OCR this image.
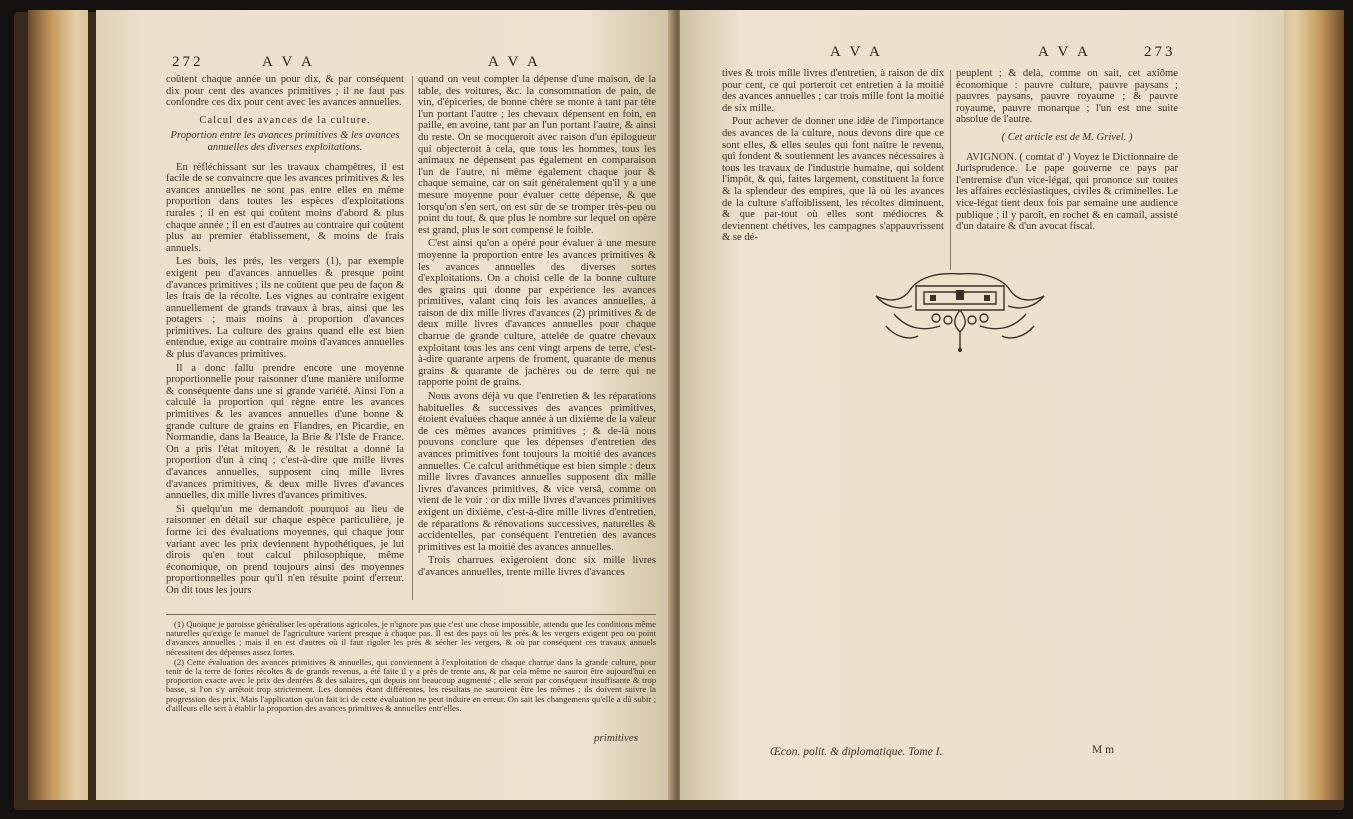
272	A V A	A V A

coûtent chaque année un pour dix, & par conséquent dix pour cent des avances primitives ; il ne faut pas confondre ces dix pour cent avec les avances annuelles.

Calcul des avances de la culture.

Proportion entre les avances primitives & les avances annuelles des diverses exploitations.

En réfléchissant sur les travaux champêtres, il est facile de se convaincre que les avances primitives & les avances annuelles ne sont pas entre elles en même proportion dans toutes les espèces d'exploitations rurales ; il en est qui coûtent moins d'abord & plus chaque année ; il en est d'autres au contraire qui coûtent plus au premier établissement, & moins de frais annuels.

Les bois, les prés, les vergers (1), par exemple exigent peu d'avances annuelles & presque point d'avances primitives ; ils ne coûtent que peu de façon & les frais de la récolte. Les vignes au contraire exigent annuellement de grands travaux à bras, ainsi que les potagers ; mais moins à proportion d'avances primitives. La culture des grains quand elle est bien entendue, exige au contraire moins d'avances annuelles & plus d'avances primitives.

Il a donc fallu prendre encore une moyenne proportionnelle pour raisonner d'une manière uniforme & conséquente dans une si grande variété. Ainsi l'on a calculé la proportion qui règne entre les avances primitives & les avances annuelles d'une bonne & grande culture de grains en Flandres, en Picardie, en Normandie, dans la Beauce, la Brie & l'Isle de France. On a pris l'état mitoyen, & le résultat a donné la proportion d'un à cinq ; c'est-à-dire que mille livres d'avances annuelles, supposent cinq mille livres d'avances primitives, & deux mille livres d'avances annuelles, dix mille livres d'avances primitives.

Si quelqu'un me demandoit pourquoi au lieu de raisonner en détail sur chaque espèce particulière, je forme ici des évaluations moyennes, qui chaque jour variant avec les prix deviennent hypothétiques, je lui dirois qu'en tout calcul philosophique, même économique, on prend toujours ainsi des moyennes proportionnelles pour qu'il n'en résulte point d'erreur. On dit tous les jours

quand on veut compter la dépense d'une maison, de la table, des voitures, &c. la consommation de pain, de vin, d'épiceries, de bonne chère se monte à tant par tête l'un portant l'autre ; les chevaux dépensent en foin, en paille, en avoine, tant par an l'un portant l'autre, & ainsi du reste. On se mocqueroit avec raison d'un épilogueur qui objecteroit à cela, que tous les hommes, tous les animaux ne dépensent pas également en comparaison l'un de l'autre, ni même également chaque jour & chaque semaine, car on sait généralement qu'il y a une mesure moyenne pour évaluer cette dépense, & que lorsqu'on s'en sert, on est sûr de se tromper très-peu ou point du tout, & que plus le nombre sur lequel on opère est grand, plus le sort compensé le foible.

C'est ainsi qu'on a opéré pour évaluer à une mesure moyenne la proportion entre les avances primitives & les avances annuelles des diverses sortes d'exploitations. On a choisi celle de la bonne culture des grains qui donne par expérience les avances primitives, valant cinq fois les avances annuelles, à raison de dix mille livres d'avances (2) primitives & de deux mille livres d'avances annuelles pour chaque charrue de grande culture, attelée de quatre chevaux exploitant tous les ans cent vingt arpens de terre, c'est-à-dire quarante arpens de froment, quarante de menus grains & quarante de jachères ou de terre qui ne rapporte point de grains.

Nous avons déjà vu que l'entretien & les réparations habituelles & successives des avances primitives, étoient évaluées chaque année à un dixième de la valeur de ces mêmes avances primitives ; & de-là nous pouvons conclure que les dépenses d'entretien des avances primitives font toujours la moitié des avances annuelles. Ce calcul arithmétique est bien simple : deux mille livres d'avances annuelles supposent dix mille livres d'avances primitives, & vice versâ, comme on vient de le voir : or dix mille livres d'avances primitives exigent un dixième, c'est-à-dire mille livres d'entretien, de réparations & rénovations successives, naturelles & accidentelles, par conséquent l'entretien des avances primitives est la moitié des avances annuelles.

Trois charrues exigeroient donc six mille livres d'avances annuelles, trente mille livres d'avances

(1) Quoique je paroisse généraliser les opérations agricoles, je n'ignore pas que c'est une chose impossible, attendu que les conditions même naturelles qu'exige le manuel de l'agriculture varient presque à chaque pas. Il est des pays où les prés & les vergers exigent peu ou point d'avances annuelles ; mais il en est d'autres où il faut rigoler les prés & sécher les vergers, & où par conséquent ces travaux annuels nécessitent des dépenses assez fortes.

(2) Cette évaluation des avances primitives & annuelles, qui conviennent à l'exploitation de chaque charrue dans la grande culture, pour tenir de la terre de fortes récoltes & de grands revenus, a été faite il y a près de trente ans, & par cela même ne sauroit être aujourd'hui en proportion exacte avec le prix des denrées & des salaires, qui depuis ont beaucoup augmenté ; elle seroit par conséquent insuffisante & trop basse, si l'on s'y arrêtoit trop strictement. Les données étant différentes, les résultats ne sauroient être les mêmes ; ils doivent suivre la progression des prix. Mais l'application qu'on fait ici de cette évaluation ne peut induire en erreur. On sait les changemens qu'elle a dû subir ; d'ailleurs elle sert à établir la proportion des avances primitives & annuelles entr'elles.

primitives
A V A	A V A	273

tives & trois mille livres d'entretien, à raison de dix pour cent, ce qui porteroit cet entretien à la moitié des avances annuelles ; car trois mille font la moitié de six mille.

Pour achever de donner une idée de l'importance des avances de la culture, nous devons dire que ce sont elles, & elles seules qui font naître le revenu, qui fondent & soutiennent les avances nécessaires à tous les travaux de l'industrie humaine, qui soldent l'impôt, & qui, faites largement, constituent la force & la splendeur des empires, que là où les avances de la culture s'affoiblissent, les récoltes diminuent, & que par-tout où elles sont médiocres & deviennent chétives, les campagnes s'appauvrissent & se dé-

peuplent ; & delà, comme on sait, cet axiôme économique : pauvre culture, pauvre paysans ; pauvres paysans, pauvre royaume ; & pauvre royaume, pauvre monarque ; l'un est une suite absolue de l'autre.

( Cet article est de M. Grivel. )

AVIGNON. ( comtat d' ) Voyez le Dictionnaire de Jurisprudence. Le pape gouverne ce pays par l'entremise d'un vice-légat, qui prononce sur toutes les affaires ecclésiastiques, civiles & criminelles. Le vice-légat tient deux fois par semaine une audience publique ; il y paroît, en rochet & en camail, assisté d'un dataire & d'un avocat fiscal.

Œcon. polit. & diplomatique. Tome I.	M m
